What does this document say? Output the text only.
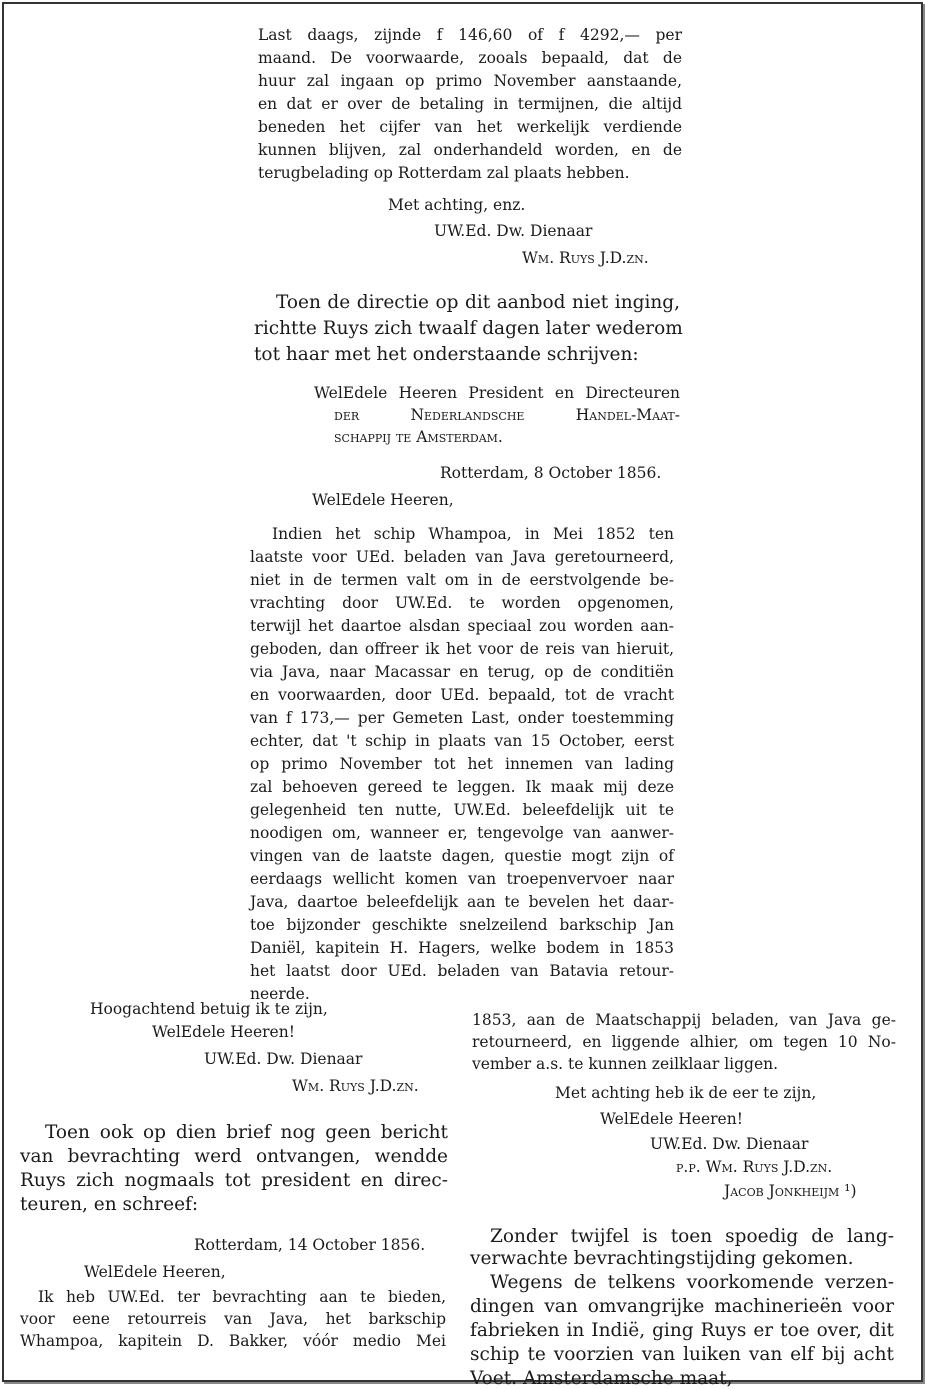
Last daags, zijnde f 146,60 of f 4292,— per
maand. De voorwaarde, zooals bepaald, dat de
huur zal ingaan op primo November aanstaande,
en dat er over de betaling in termijnen, die altijd
beneden het cijfer van het werkelijk verdiende
kunnen blijven, zal onderhandeld worden, en de
terugbelading op Rotterdam zal plaats hebben.
Met achting, enz.
UW.Ed. Dw. Dienaar
Wm. Ruys J.D.zn.
Toen de directie op dit aanbod niet inging,
richtte Ruys zich twaalf dagen later wederom
tot haar met het onderstaande schrijven:
WelEdele Heeren President en Directeuren
der Nederlandsche Handel-Maat-
schappij te Amsterdam.
Rotterdam, 8 October 1856.
WelEdele Heeren,
Indien het schip Whampoa, in Mei 1852 ten
laatste voor UEd. beladen van Java geretourneerd,
niet in de termen valt om in de eerstvolgende be-
vrachting door UW.Ed. te worden opgenomen,
terwijl het daartoe alsdan speciaal zou worden aan-
geboden, dan offreer ik het voor de reis van hieruit,
via Java, naar Macassar en terug, op de conditiën
en voorwaarden, door UEd. bepaald, tot de vracht
van f 173,— per Gemeten Last, onder toestemming
echter, dat 't schip in plaats van 15 October, eerst
op primo November tot het innemen van lading
zal behoeven gereed te leggen. Ik maak mij deze
gelegenheid ten nutte, UW.Ed. beleefdelijk uit te
noodigen om, wanneer er, tengevolge van aanwer-
vingen van de laatste dagen, questie mogt zijn of
eerdaags wellicht komen van troepenvervoer naar
Java, daartoe beleefdelijk aan te bevelen het daar-
toe bijzonder geschikte snelzeilend barkschip Jan
Daniël, kapitein H. Hagers, welke bodem in 1853
het laatst door UEd. beladen van Batavia retour-
neerde.
Hoogachtend betuig ik te zijn,
WelEdele Heeren!
UW.Ed. Dw. Dienaar
Wm. Ruys J.D.zn.
Toen ook op dien brief nog geen bericht
van bevrachting werd ontvangen, wendde
Ruys zich nogmaals tot president en direc-
teuren, en schreef:
Rotterdam, 14 October 1856.
WelEdele Heeren,
Ik heb UW.Ed. ter bevrachting aan te bieden,
voor eene retourreis van Java, het barkschip
Whampoa, kapitein D. Bakker, vóór medio Mei
1853, aan de Maatschappij beladen, van Java ge-
retourneerd, en liggende alhier, om tegen 10 No-
vember a.s. te kunnen zeilklaar liggen.
Met achting heb ik de eer te zijn,
WelEdele Heeren!
UW.Ed. Dw. Dienaar
p.p. Wm. Ruys J.D.zn.
Jacob Jonkheijm ¹)
Zonder twijfel is toen spoedig de lang-
verwachte bevrachtingstijding gekomen.
Wegens de telkens voorkomende verzen-
dingen van omvangrijke machinerieën voor
fabrieken in Indië, ging Ruys er toe over, dit
schip te voorzien van luiken van elf bij acht
